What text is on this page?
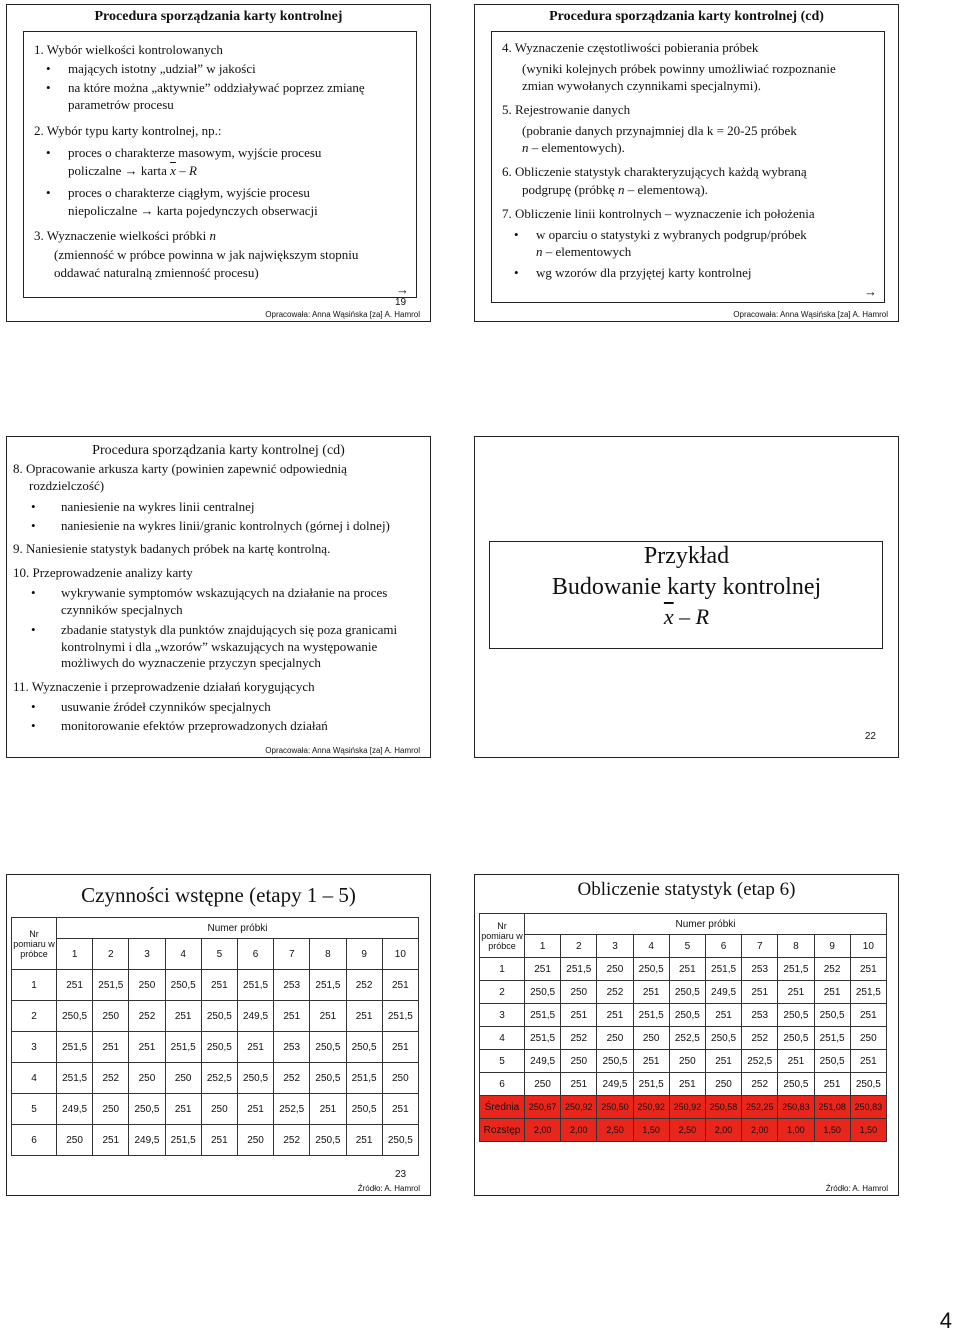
Procedura sporządzania karty kontrolnej
1. Wybór wielkości kontrolowanych
• mających istotny „udział” w jakości
• na które można „aktywnie” oddziaływać poprzez zmianę
parametrów procesu
2. Wybór typu karty kontrolnej, np.:
• proces o charakterze masowym, wyjście procesu
policzalne → karta $\overline{x}$ – R
• proces o charakterze ciągłym, wyjście procesu
niepoliczalne → karta pojedynczych obserwacji
3. Wyznaczenie wielkości próbki n
(zmienność w próbce powinna w jak największym stopniu
oddawać naturalną zmienność procesu)
→
19
Opracowała: Anna Wąsińska [za] A. Hamrol
Procedura sporządzania karty kontrolnej (cd)
4. Wyznaczenie częstotliwości pobierania próbek
(wyniki kolejnych próbek powinny umożliwiać rozpoznanie
zmian wywołanych czynnikami specjalnymi).
5. Rejestrowanie danych
(pobranie danych przynajmniej dla k = 20-25 próbek
n – elementowych).
6. Obliczenie statystyk charakteryzujących każdą wybraną
podgrupę (próbkę n – elementową).
7. Obliczenie linii kontrolnych – wyznaczenie ich położenia
• w oparciu o statystyki z wybranych podgrup/próbek
n – elementowych
• wg wzorów dla przyjętej karty kontrolnej
→
Opracowała: Anna Wąsińska [za] A. Hamrol
Procedura sporządzania karty kontrolnej (cd)
8. Opracowanie arkusza karty (powinien zapewnić odpowiednią
rozdzielczość)
• naniesienie na wykres linii centralnej
• naniesienie na wykres linii/granic kontrolnych (górnej i dolnej)
9. Naniesienie statystyk badanych próbek na kartę kontrolną.
10. Przeprowadzenie analizy karty
• wykrywanie symptomów wskazujących na działanie na proces
czynników specjalnych
• zbadanie statystyk dla punktów znajdujących się poza granicami
kontrolnymi i dla „wzorów” wskazujących na występowanie
możliwych do wyznaczenie przyczyn specjalnych
11. Wyznaczenie i przeprowadzenie działań korygujących
• usuwanie źródeł czynników specjalnych
• monitorowanie efektów przeprowadzonych działań
Opracowała: Anna Wąsińska [za] A. Hamrol
Przykład
Budowanie karty kontrolnej
$\overline{x}$ – R
22
Czynności wstępne (etapy 1 – 5)
Nr pomiaru w próbce	Numer próbki									
	1	2	3	4	5	6	7	8	9	10
1	251	251,5	250	250,5	251	251,5	253	251,5	252	251
2	250,5	250	252	251	250,5	249,5	251	251	251	251,5
3	251,5	251	251	251,5	250,5	251	253	250,5	250,5	251
4	251,5	252	250	250	252,5	250,5	252	250,5	251,5	250
5	249,5	250	250,5	251	250	251	252,5	251	250,5	251
6	250	251	249,5	251,5	251	250	252	250,5	251	250,5
23
Źródło: A. Hamrol
Obliczenie statystyk (etap 6)
Nr pomiaru w próbce	Numer próbki									
	1	2	3	4	5	6	7	8	9	10
1	251	251,5	250	250,5	251	251,5	253	251,5	252	251
2	250,5	250	252	251	250,5	249,5	251	251	251	251,5
3	251,5	251	251	251,5	250,5	251	253	250,5	250,5	251
4	251,5	252	250	250	252,5	250,5	252	250,5	251,5	250
5	249,5	250	250,5	251	250	251	252,5	251	250,5	251
6	250	251	249,5	251,5	251	250	252	250,5	251	250,5
Średnia	250,67	250,92	250,50	250,92	250,92	250,58	252,25	250,83	251,08	250,83
Rozstęp	2,00	2,00	2,50	1,50	2,50	2,00	2,00	1,00	1,50	1,50
Źródło: A. Hamrol
4
